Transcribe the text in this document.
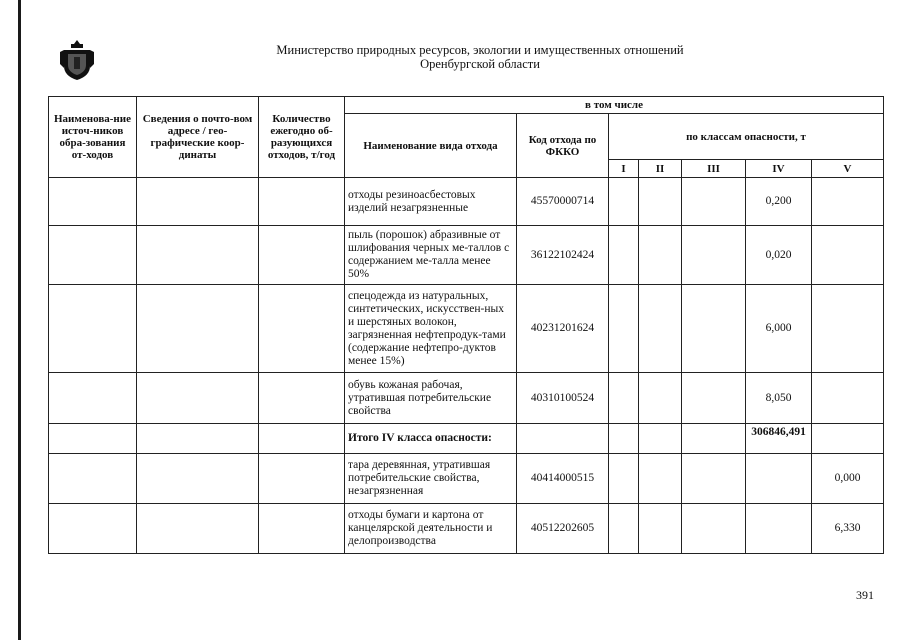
Министерство природных ресурсов, экологии и имущественных отношений
Оренбургской области
Наименова-ние источ-ников обра-зования от-ходов	Сведения о почто-вом адресе / гео-графические коор-динаты	Количество ежегодно об-разующихся отходов, т/год	в том числе						
			Наименование вида отхода	Код отхода по ФККО	по классам опасности, т				
					I	II	III	IV	V
			отходы резиноасбестовых изделий незагрязненные	45570000714				0,200	
			пыль (порошок) абразивные от шлифования черных ме-таллов с содержанием ме-талла менее 50%	36122102424				0,020	
			спецодежда из натуральных, синтетических, искусствен-ных и шерстяных волокон, загрязненная нефтепродук-тами (содержание нефтепро-дуктов менее 15%)	40231201624				6,000	
			обувь кожаная рабочая, утратившая потребительские свойства	40310100524				8,050	
			Итого IV класса опасности:					306846,491	
			тара деревянная, утратившая потребительские свойства, незагрязненная	40414000515					0,000
			отходы бумаги и картона от канцелярской деятельности и делопроизводства	40512202605					6,330
391
